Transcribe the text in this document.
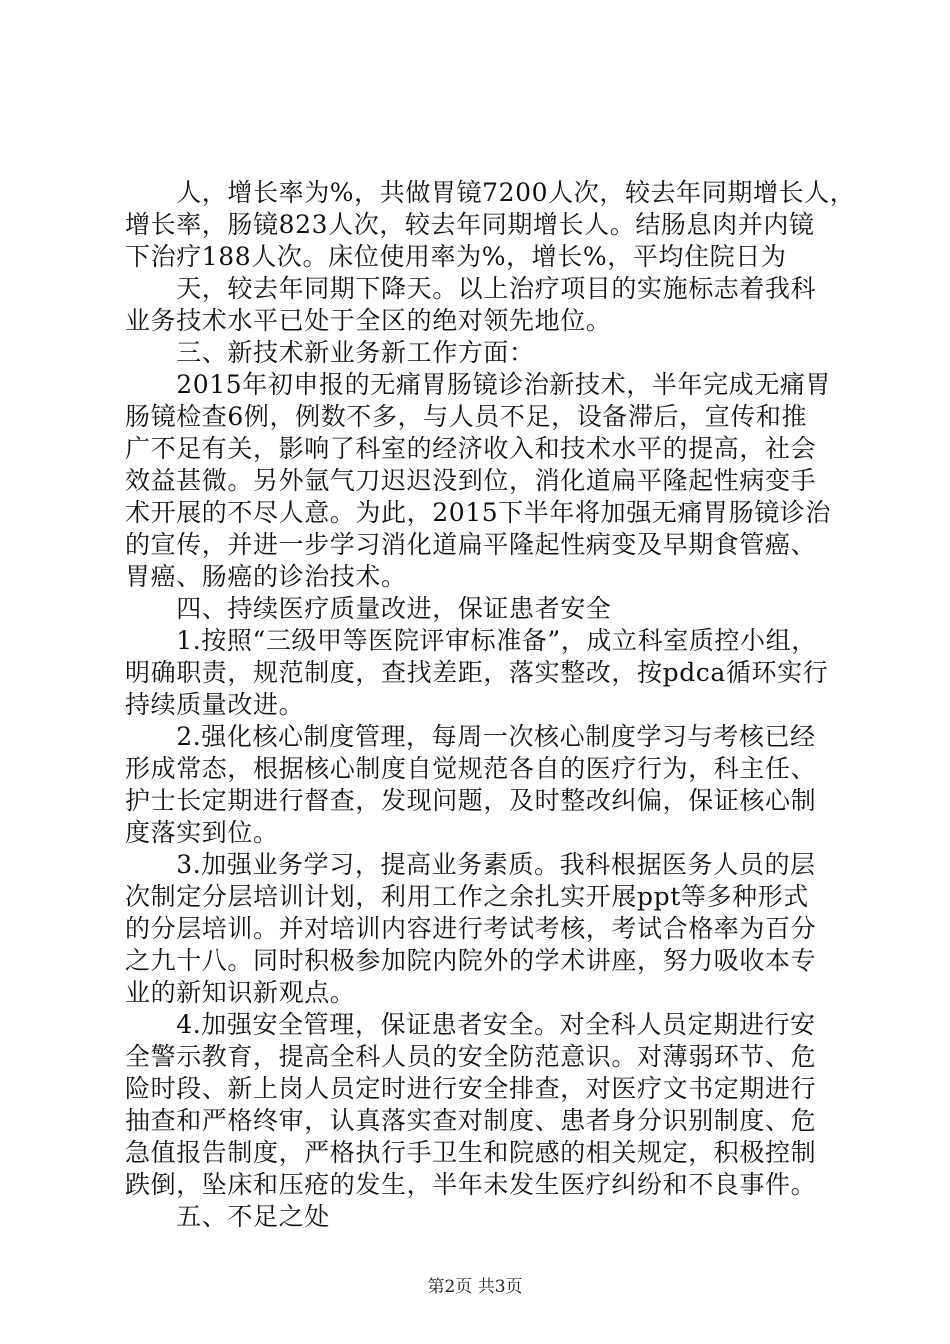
　　人，增长率为%，共做胃镜7200人次，较去年同期增长人，
增长率，肠镜823人次，较去年同期增长人。结肠息肉并内镜
下治疗188人次。床位使用率为%，增长%，平均住院日为
　　天，较去年同期下降天。以上治疗项目的实施标志着我科
业务技术水平已处于全区的绝对领先地位。
　　三、新技术新业务新工作方面：
　　2015年初申报的无痛胃肠镜诊治新技术，半年完成无痛胃
肠镜检查6例，例数不多，与人员不足，设备滞后，宣传和推
广不足有关，影响了科室的经济收入和技术水平的提高，社会
效益甚微。另外氩气刀迟迟没到位，消化道扁平隆起性病变手
术开展的不尽人意。为此，2015下半年将加强无痛胃肠镜诊治
的宣传，并进一步学习消化道扁平隆起性病变及早期食管癌、
胃癌、肠癌的诊治技术。
　　四、持续医疗质量改进，保证患者安全
　　1.按照“三级甲等医院评审标准备”，成立科室质控小组，
明确职责，规范制度，查找差距，落实整改，按pdca循环实行
持续质量改进。
　　2.强化核心制度管理，每周一次核心制度学习与考核已经
形成常态，根据核心制度自觉规范各自的医疗行为，科主任、
护士长定期进行督查，发现问题，及时整改纠偏，保证核心制
度落实到位。
　　3.加强业务学习，提高业务素质。我科根据医务人员的层
次制定分层培训计划，利用工作之余扎实开展ppt等多种形式
的分层培训。并对培训内容进行考试考核，考试合格率为百分
之九十八。同时积极参加院内院外的学术讲座，努力吸收本专
业的新知识新观点。
　　4.加强安全管理，保证患者安全。对全科人员定期进行安
全警示教育，提高全科人员的安全防范意识。对薄弱环节、危
险时段、新上岗人员定时进行安全排查，对医疗文书定期进行
抽查和严格终审，认真落实查对制度、患者身分识别制度、危
急值报告制度，严格执行手卫生和院感的相关规定，积极控制
跌倒，坠床和压疮的发生，半年未发生医疗纠纷和不良事件。
　　五、不足之处
第2页 共3页
